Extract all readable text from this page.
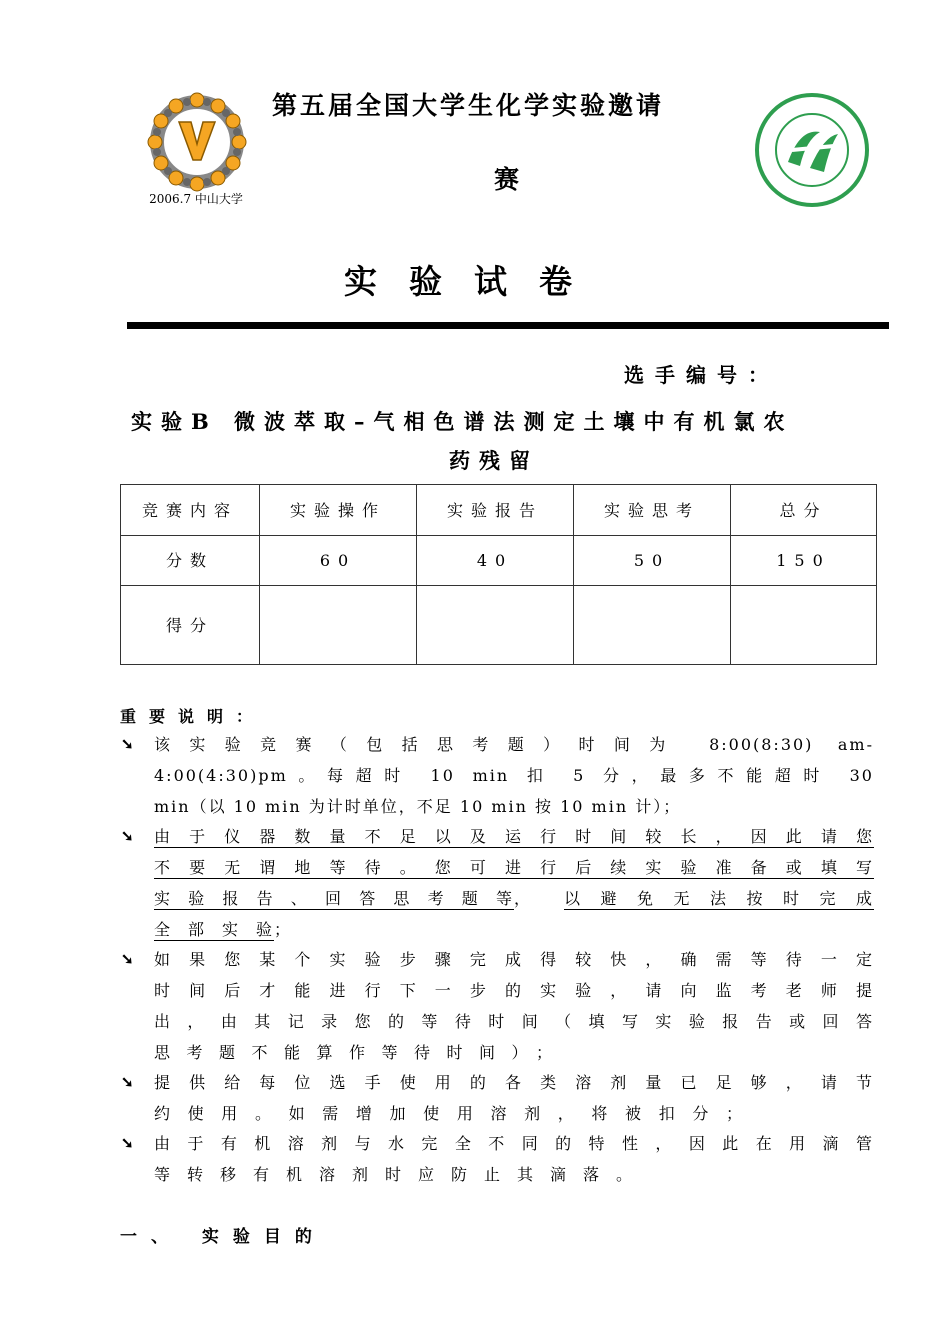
2006.7 中山大学
第五届全国大学生化学实验邀请
赛
实验试卷
选手编号：
实验B 微波萃取–气相色谱法测定土壤中有机氯农
药残留
竞赛内容	实验操作	实验报告	实验思考	总分
分数	60	40	50	150
得分				
重要说明：
➘ 该实验竞赛（包括思考题）时间为 8:00(8:30) am-
4:00(4:30)pm。每超时 10 min 扣 5 分，最多不能超时 30
min（以 10 min 为计时单位，不足 10 min 按 10 min 计）；
➘ 由于仪器数量不足以及运行时间较长，因此请您
不要无谓地等待。您可进行后续实验准备或填写
实验报告、回答思考题等 ，	以避免无法按时完成
全部实验 ；
➘ 如果您某个实验步骤完成得较快，确需等待一定
时间后才能进行下一步的实验，请向监考老师提
出，由其记录您的等待时间（填写实验报告或回答
思考题不能算作等待时间）；
➘ 提供给每位选手使用的各类溶剂量已足够，请节
约使用。如需增加使用溶剂，将被扣分；
➘ 由于有机溶剂与水完全不同的特性，因此在用滴管
等转移有机溶剂时应防止其滴落。
一、 实验目的
